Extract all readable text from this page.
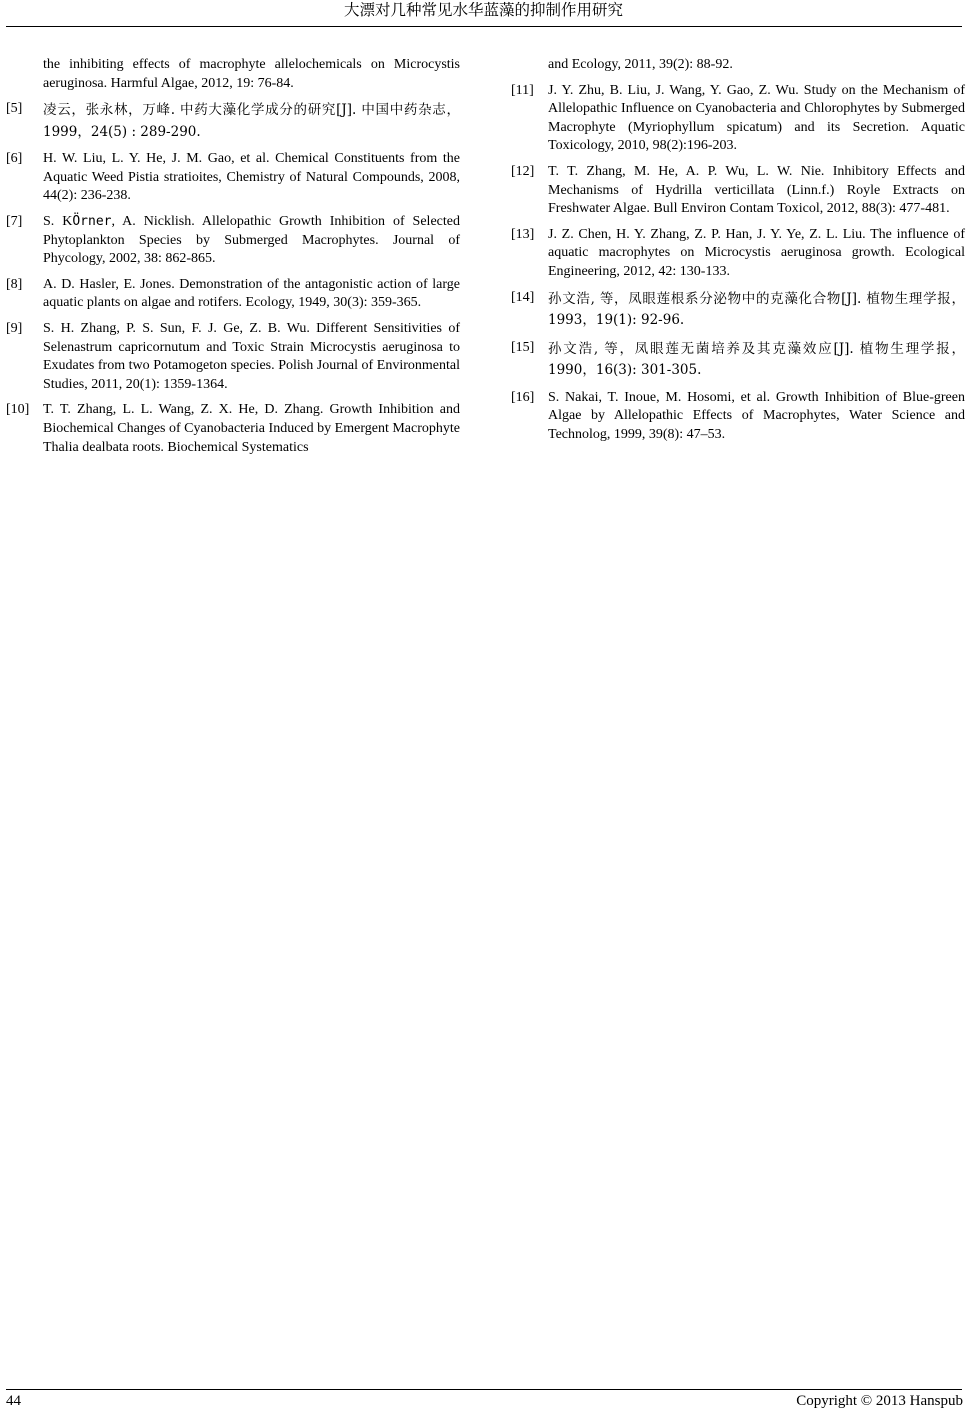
大漂对几种常见水华蓝藻的抑制作用研究
the inhibiting effects of macrophyte allelochemicals on Microcystis aeruginosa. Harmful Algae, 2012, 19: 76-84.
[5]	凌云，张永林，万峰. 中药大藻化学成分的研究[J]. 中国中药杂志，1999，24(5) : 289-290.
[6]	H. W. Liu, L. Y. He, J. M. Gao, et al. Chemical Constituents from the Aquatic Weed Pistia stratioites, Chemistry of Natural Compounds, 2008, 44(2): 236-238.
[7]	S. KÖrner, A. Nicklish. Allelopathic Growth Inhibition of Selected Phytoplankton Species by Submerged Macrophytes. Journal of Phycology, 2002, 38: 862-865.
[8]	A. D. Hasler, E. Jones. Demonstration of the antagonistic action of large aquatic plants on algae and rotifers. Ecology, 1949, 30(3): 359-365.
[9]	S. H. Zhang, P. S. Sun, F. J. Ge, Z. B. Wu. Different Sensitivities of Selenastrum capricornutum and Toxic Strain Microcystis aeruginosa to Exudates from two Potamogeton species. Polish Journal of Environmental Studies, 2011, 20(1): 1359-1364.
[10] T. T. Zhang, L. L. Wang, Z. X. He, D. Zhang. Growth Inhibition and Biochemical Changes of Cyanobacteria Induced by Emergent Macrophyte Thalia dealbata roots. Biochemical Systematics
and Ecology, 2011, 39(2): 88-92.
[11]	J. Y. Zhu, B. Liu, J. Wang, Y. Gao, Z. Wu. Study on the Mechanism of Allelopathic Influence on Cyanobacteria and Chlorophytes by Submerged Macrophyte (Myriophyllum spicatum) and its Secretion. Aquatic Toxicology, 2010, 98(2):196-203.
[12] T. T. Zhang, M. He, A. P. Wu, L. W. Nie. Inhibitory Effects and Mechanisms of Hydrilla verticillata (Linn.f.) Royle Extracts on Freshwater Algae. Bull Environ Contam Toxicol, 2012, 88(3): 477-481.
[13] J. Z. Chen, H. Y. Zhang, Z. P. Han, J. Y. Ye, Z. L. Liu. The influence of aquatic macrophytes on Microcystis aeruginosa growth. Ecological Engineering, 2012, 42: 130-133.
[14]	孙文浩, 等，凤眼莲根系分泌物中的克藻化合物[J]. 植物生理学报，1993，19(1): 92-96.
[15]	孙文浩, 等，凤眼莲无菌培养及其克藻效应[J]. 植物生理学报，1990，16(3): 301-305.
[16] S. Nakai, T. Inoue, M. Hosomi, et al. Growth Inhibition of Blue-green Algae by Allelopathic Effects of Macrophytes, Water Science and Technolog, 1999, 39(8): 47–53.
44	Copyright © 2013 Hanspub
